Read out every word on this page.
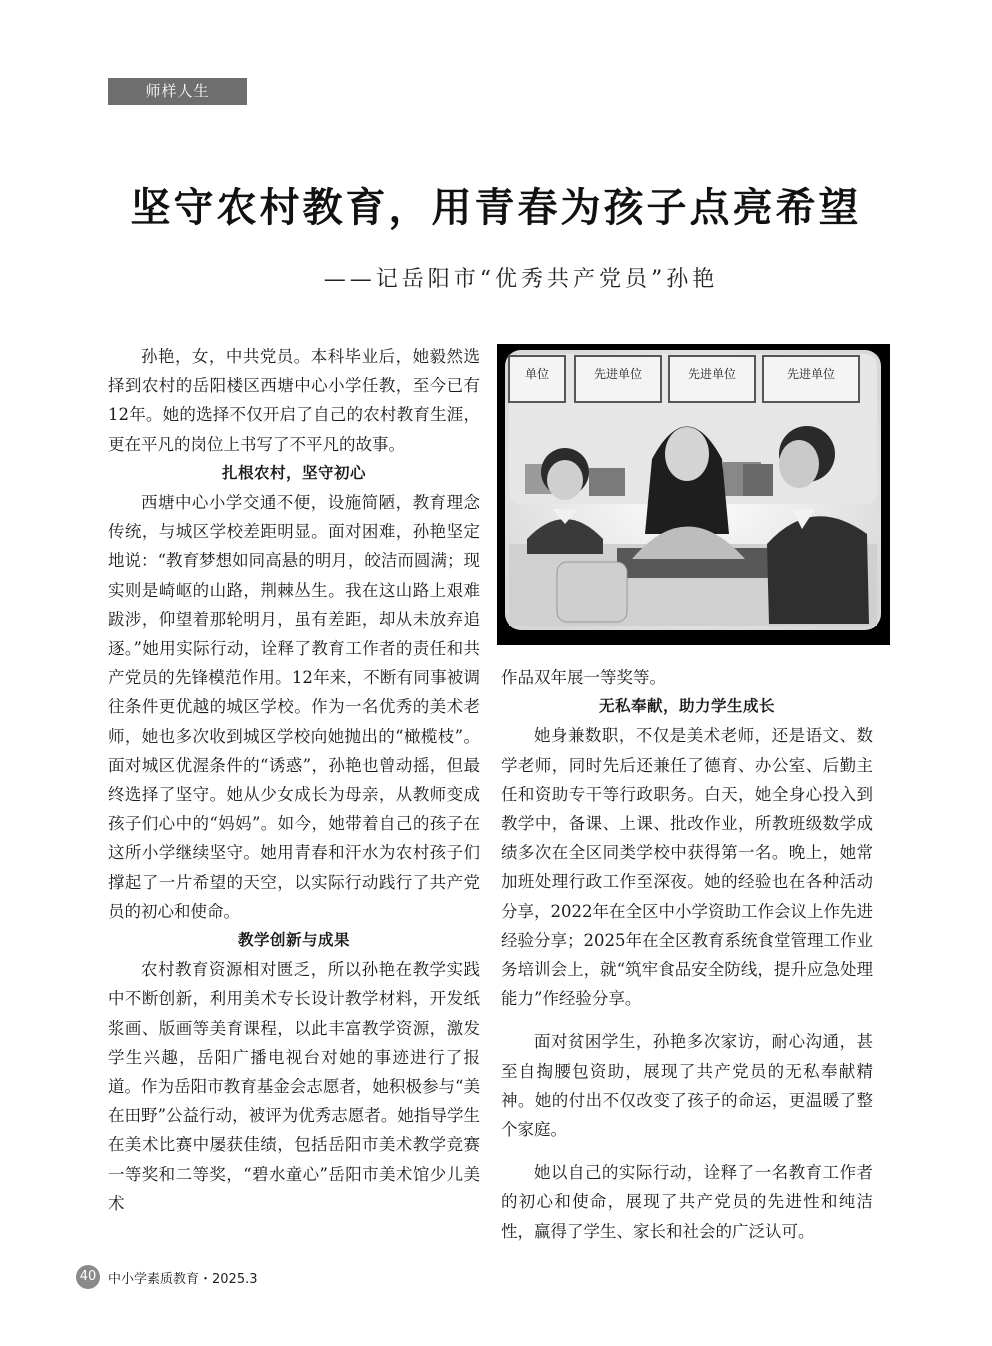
师样人生
坚守农村教育，用青春为孩子点亮希望
——记岳阳市“优秀共产党员”孙艳

孙艳，女，中共党员。本科毕业后，她毅然选择到农村的岳阳楼区西塘中心小学任教，至今已有12年。她的选择不仅开启了自己的农村教育生涯，更在平凡的岗位上书写了不平凡的故事。

扎根农村，坚守初心

西塘中心小学交通不便，设施简陋，教育理念传统，与城区学校差距明显。面对困难，孙艳坚定地说：“教育梦想如同高悬的明月，皎洁而圆满；现实则是崎岖的山路，荆棘丛生。我在这山路上艰难跋涉，仰望着那轮明月，虽有差距，却从未放弃追逐。”她用实际行动，诠释了教育工作者的责任和共产党员的先锋模范作用。12年来，不断有同事被调往条件更优越的城区学校。作为一名优秀的美术老师，她也多次收到城区学校向她抛出的“橄榄枝”。面对城区优渥条件的“诱惑”，孙艳也曾动摇，但最终选择了坚守。她从少女成长为母亲，从教师变成孩子们心中的“妈妈”。如今，她带着自己的孩子在这所小学继续坚守。她用青春和汗水为农村孩子们撑起了一片希望的天空，以实际行动践行了共产党员的初心和使命。

教学创新与成果

农村教育资源相对匮乏，所以孙艳在教学实践中不断创新，利用美术专长设计教学材料，开发纸浆画、版画等美育课程，以此丰富教学资源，激发学生兴趣，岳阳广播电视台对她的事迹进行了报道。作为岳阳市教育基金会志愿者，她积极参与“美在田野”公益行动，被评为优秀志愿者。她指导学生在美术比赛中屡获佳绩，包括岳阳市美术教学竞赛一等奖和二等奖，“碧水童心”岳阳市美术馆少儿美术

单位	先进单位	先进单位	先进单位

作品双年展一等奖等。

无私奉献，助力学生成长

她身兼数职，不仅是美术老师，还是语文、数学老师，同时先后还兼任了德育、办公室、后勤主任和资助专干等行政职务。白天，她全身心投入到教学中，备课、上课、批改作业，所教班级数学成绩多次在全区同类学校中获得第一名。晚上，她常加班处理行政工作至深夜。她的经验也在各种活动分享，2022年在全区中小学资助工作会议上作先进经验分享；2025年在全区教育系统食堂管理工作业务培训会上，就“筑牢食品安全防线，提升应急处理能力”作经验分享。

面对贫困学生，孙艳多次家访，耐心沟通，甚至自掏腰包资助，展现了共产党员的无私奉献精神。她的付出不仅改变了孩子的命运，更温暖了整个家庭。

她以自己的实际行动，诠释了一名教育工作者的初心和使命，展现了共产党员的先进性和纯洁性，赢得了学生、家长和社会的广泛认可。

40 中小学素质教育・2025.3
